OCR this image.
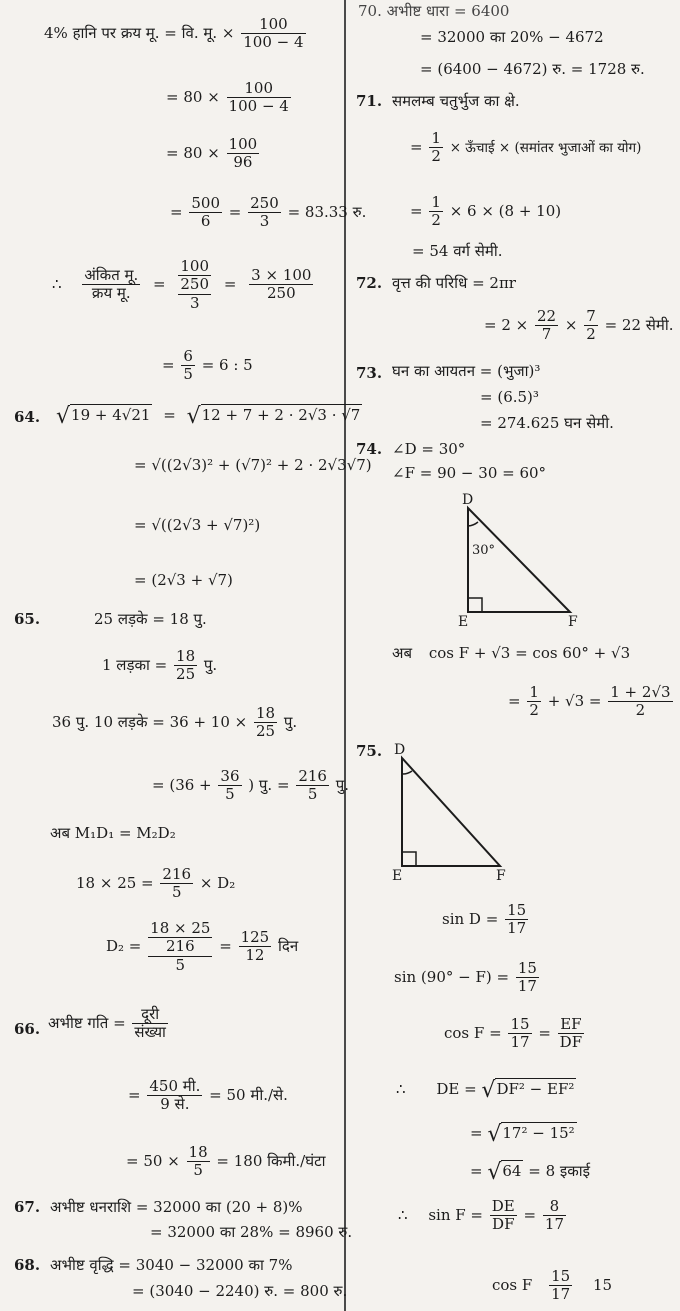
4% हानि पर क्रय मू. = वि. मू. × $\frac{100}{100 - 4}$
= $80 \times \frac{100}{100 - 4}$
= $80 \times \frac{100}{96}$
= $\frac{500}{6} = \frac{250}{3} = 83.33$ रु.
∴ $\frac{\text{अंकित मू.}}{\text{क्रय मू.}}$ =
100
250
3
= $\frac{3 \times 100}{250}$
= $\frac{6}{5} = 6$ : 5
64. √19 + 4√21 = √12 + 7 + 2 · 2√3 · √7
= √((2√3)² + (√7)² + 2 · 2√3√7)
= √((2√3 + √7)²)
= (2√3 + √7)
65.	25 लड़के = 18 पु.
1 लड़का = $\frac{18}{25}$ पु.
36 पु. 10 लड़के = $36 + 10 \times \frac{18}{25}$ पु.
= ($36 + \frac{36}{5}$ ) पु. = $\frac{216}{5}$ पु.
अब M₁D₁ = M₂D₂
$18 \times 25 = \frac{216}{5} \times D_2$
D₂ =
18 × 25
216
5
= $\frac{125}{12}$ दिन
66. अभीष्ट गति = $\frac{\text{दूरी}}{\text{संख्या}}$
= $\frac{\text{450 मी.}}{\text{9 से.}} = 50$ मी./से.
= $50 \times \frac{18}{5} = 180$ किमी./घंटा
67. अभीष्ट धनराशि = 32000 का (20 + 8)%
= 32000 का 28% = 8960 रु.
68. अभीष्ट वृद्धि = 3040 − 32000 का 7%
= (3040 − 2240) रु. = 800 रु.
70. अभीष्ट धारा = 6400
= 32000 का 20% − 4672
= (6400 − 4672) रु. = 1728 रु.
71. समलम्ब चतुर्भुज का क्षे.
= $\frac{1}{2}$ × ऊँचाई × (समांतर भुजाओं का योग)
= $\frac{1}{2} \times 6 \times (8 + 10)$
= 54 वर्ग सेमी.
72. वृत्त की परिधि = 2πr
= $2 \times \frac{22}{7} \times \frac{7}{2} = 22$ सेमी.
73. घन का आयतन = (भुजा)³
= (6.5)³
= 274.625 घन सेमी.
74. ∠D = 30°
∠F = 90 − 30 = 60°
D
E	F
30°
अब cos F + √3 = cos 60° + √3
= $\frac{1}{2} + √3 = \frac{1 + 2√3}{2}$
75. D
E	F
$\sin D = \frac{15}{17}$
$\sin (90^\circ - F) = \frac{15}{17}$
$\cos F = \frac{15}{17} = \frac{EF}{DF}$
∴ DE = √DF² − EF²
= √17² − 15²
= √64 = 8 इकाई
∴ $\sin F = \frac{DE}{DF} = \frac{8}{17}$
cos F $\frac{15}{17} 15$
